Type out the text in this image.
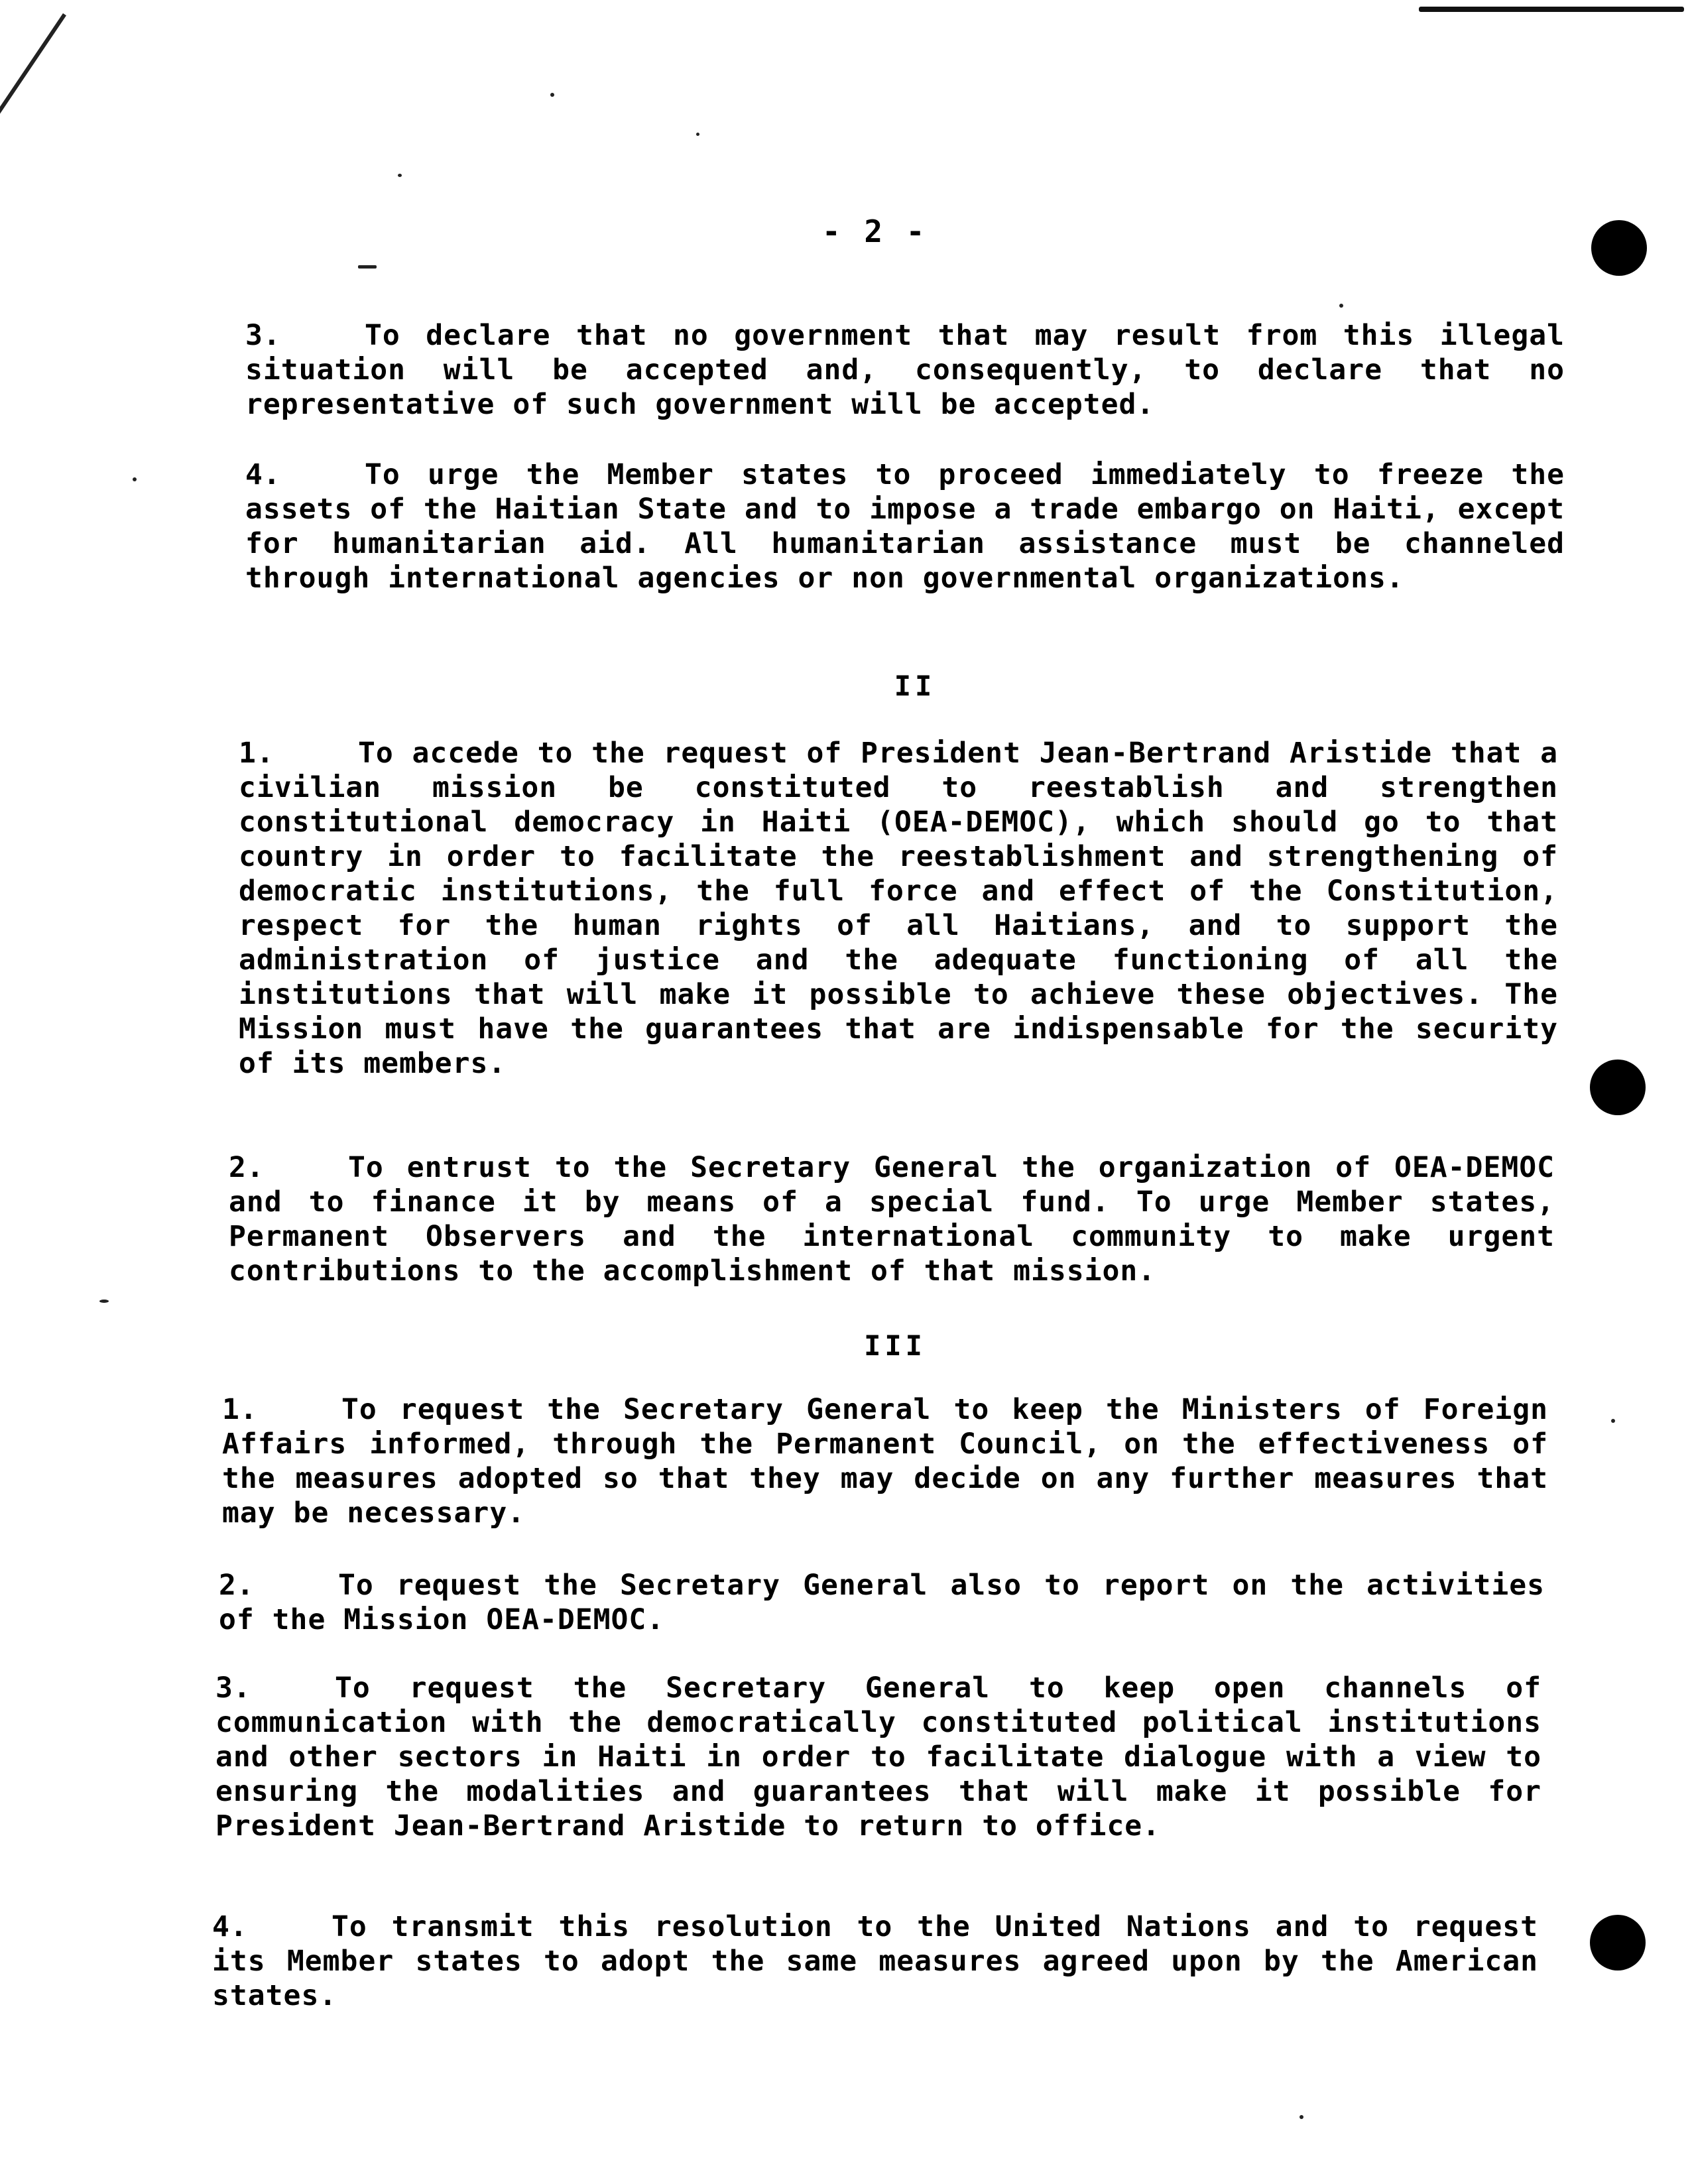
- 2 -

3.	To declare that no government that may result from this illegal situation will be accepted and, consequently, to declare that no representative of such government will be accepted.

4.	To urge the Member states to proceed immediately to freeze the assets of the Haitian State and to impose a trade embargo on Haiti, except for humanitarian aid. All humanitarian assistance must be channeled through international agencies or non governmental organizations.

II

1.	To accede to the request of President Jean-Bertrand Aristide that a civilian mission be constituted to reestablish and strengthen constitutional democracy in Haiti (OEA-DEMOC), which should go to that country in order to facilitate the reestablishment and strengthening of democratic institutions, the full force and effect of the Constitution, respect for the human rights of all Haitians, and to support the administration of justice and the adequate functioning of all the institutions that will make it possible to achieve these objectives. The Mission must have the guarantees that are indispensable for the security of its members.

2.	To entrust to the Secretary General the organization of OEA-DEMOC and to finance it by means of a special fund. To urge Member states, Permanent Observers and the international community to make urgent contributions to the accomplishment of that mission.

III

1.	To request the Secretary General to keep the Ministers of Foreign Affairs informed, through the Permanent Council, on the effectiveness of the measures adopted so that they may decide on any further measures that may be necessary.

2.	To request the Secretary General also to report on the activities of the Mission OEA-DEMOC.

3.	To request the Secretary General to keep open channels of communication with the democratically constituted political institutions and other sectors in Haiti in order to facilitate dialogue with a view to ensuring the modalities and guarantees that will make it possible for President Jean-Bertrand Aristide to return to office.

4.	To transmit this resolution to the United Nations and to request its Member states to adopt the same measures agreed upon by the American states.
